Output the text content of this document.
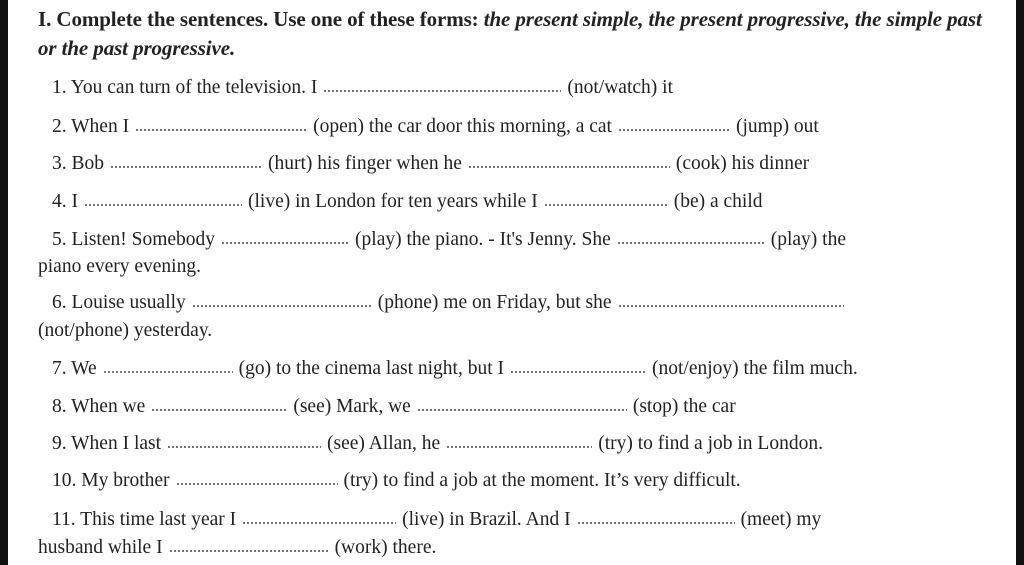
I. Complete the sentences. Use one of these forms: the present simple, the present progressive, the simple past or the past progressive.
1. You can turn of the television. I	(not/watch) it
2. When I	(open) the car door this morning, a cat	(jump) out
3. Bob	(hurt) his finger when he	(cook) his dinner
4. I	(live) in London for ten years while I	(be) a child
5. Listen! Somebody	(play) the piano. - It's Jenny. She	(play) the
piano every evening.
6. Louise usually	(phone) me on Friday, but she
(not/phone) yesterday.
7. We	(go) to the cinema last night, but I	(not/enjoy) the film much.
8. When we	(see) Mark, we	(stop) the car
9. When I last	(see) Allan, he	(try) to find a job in London.
10. My brother	(try) to find a job at the moment. It’s very difficult.
11. This time last year I	(live) in Brazil. And I	(meet) my
husband while I	(work) there.
